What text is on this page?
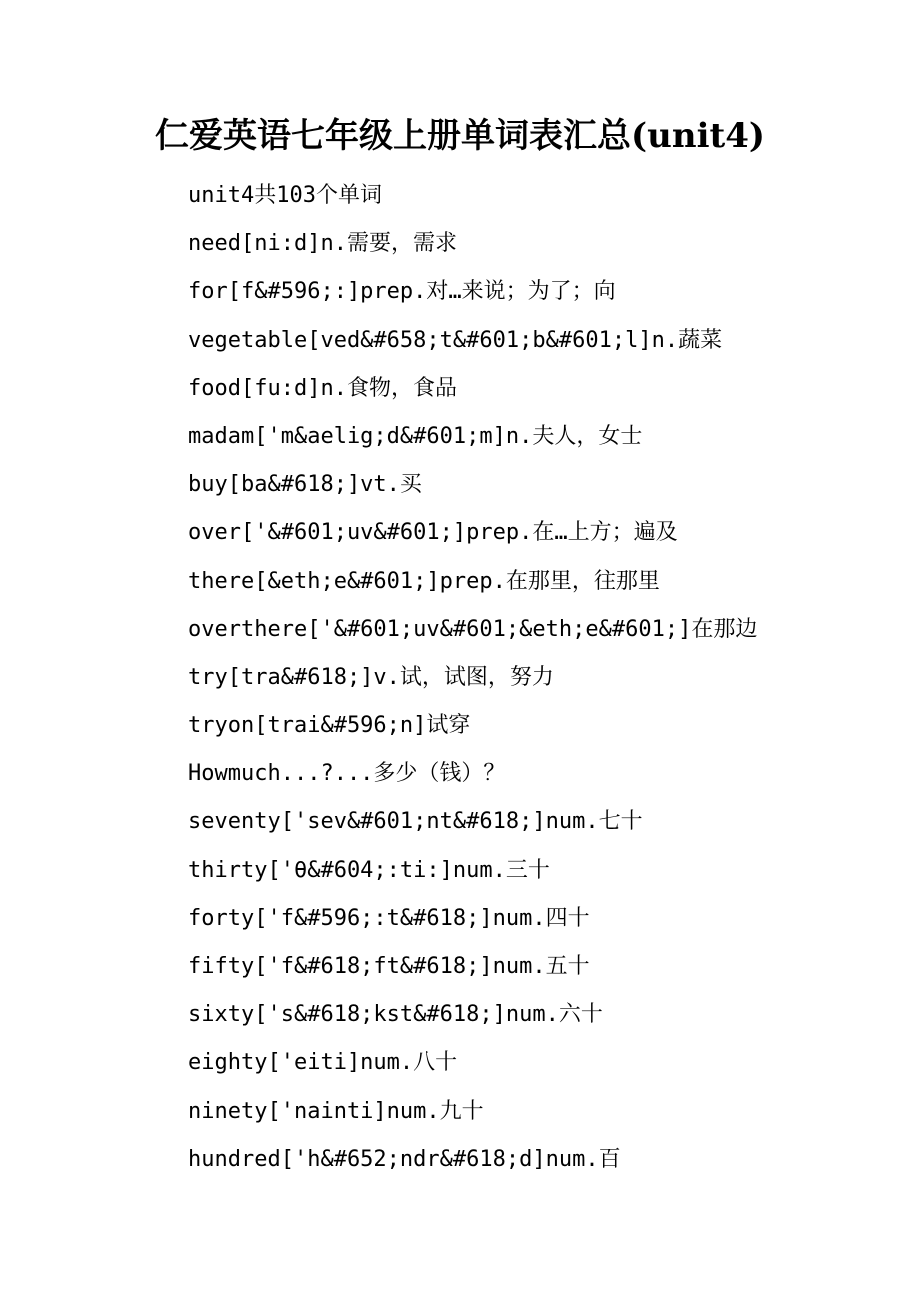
仁爱英语七年级上册单词表汇总(unit4)
unit4共103个单词
need[ni:d]n.需要，需求
for[f&#596;:]prep.对…来说；为了；向
vegetable[ved&#658;t&#601;b&#601;l]n.蔬菜
food[fu:d]n.食物，食品
madam['m&aelig;d&#601;m]n.夫人，女士
buy[ba&#618;]vt.买
over['&#601;uv&#601;]prep.在…上方；遍及
there[&eth;e&#601;]prep.在那里，往那里
overthere['&#601;uv&#601;&eth;e&#601;]在那边
try[tra&#618;]v.试，试图，努力
tryon[trai&#596;n]试穿
Howmuch...?...多少（钱）？
seventy['sev&#601;nt&#618;]num.七十
thirty['θ&#604;:ti:]num.三十
forty['f&#596;:t&#618;]num.四十
fifty['f&#618;ft&#618;]num.五十
sixty['s&#618;kst&#618;]num.六十
eighty['eiti]num.八十
ninety['nainti]num.九十
hundred['h&#652;ndr&#618;d]num.百
